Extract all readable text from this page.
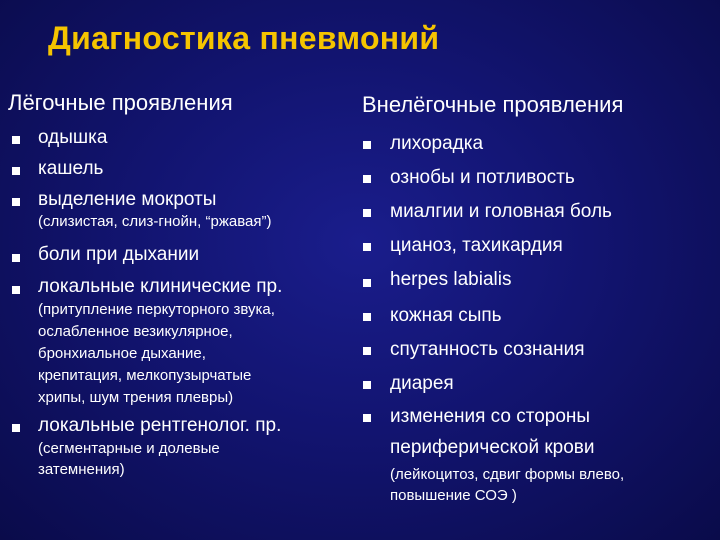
Диагностика пневмоний
Лёгочные проявления	Внелёгочные проявления
одышка
кашель
выделение мокроты
(слизистая, слиз-гнойн, “ржавая”)
боли при дыхании
локальные клинические пр.
(притупление перкуторного звука,
ослабленное везикулярное,
бронхиальное дыхание,
крепитация, мелкопузырчатые
хрипы, шум трения плевры)
локальные рентгенолог. пр.
(сегментарные и долевые
затемнения)
лихорадка
ознобы и потливость
миалгии и головная боль
цианоз, тахикардия
herpes labialis
кожная сыпь
спутанность сознания
диарея
изменения со стороны
периферической крови
(лейкоцитоз, сдвиг формы влево,
повышение СОЭ )
